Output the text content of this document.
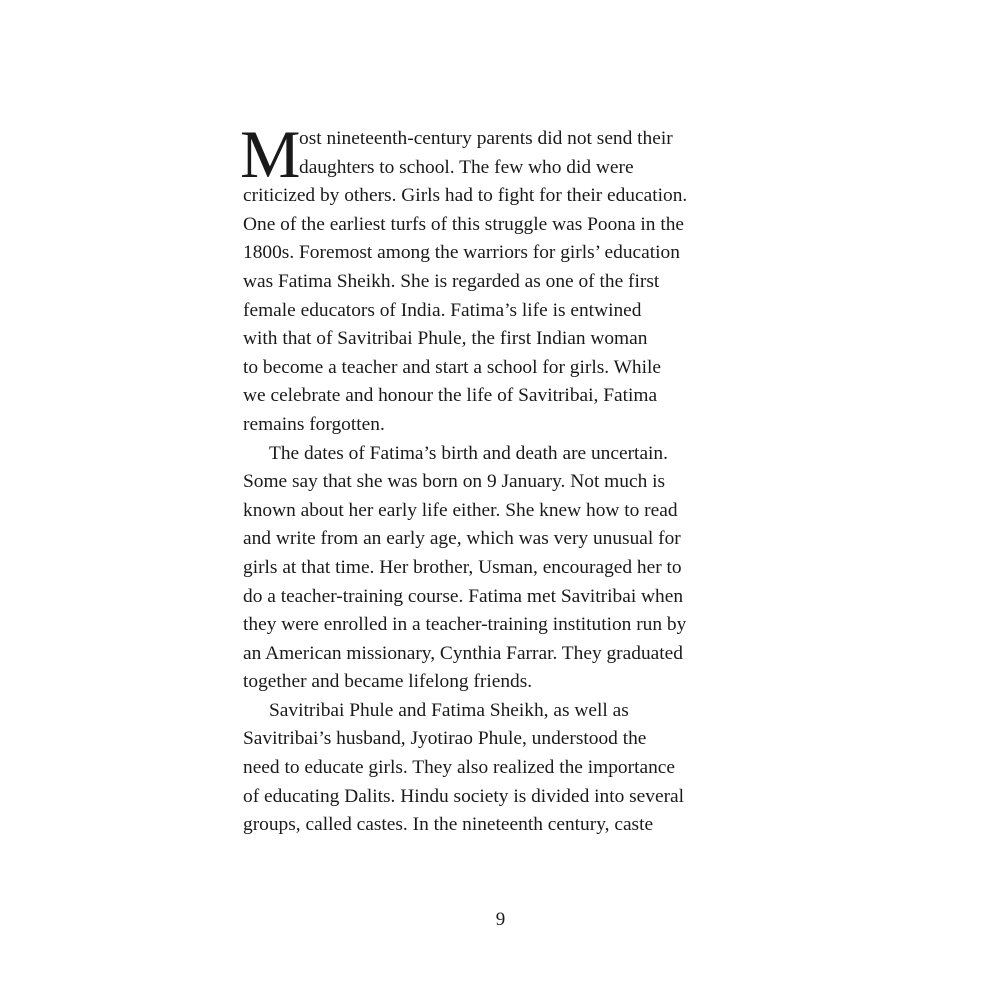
M
ost nineteenth-century parents did not send their
daughters to school. The few who did were
criticized by others. Girls had to fight for their education.
One of the earliest turfs of this struggle was Poona in the
1800s. Foremost among the warriors for girls’ education
was Fatima Sheikh. She is regarded as one of the first
female educators of India. Fatima’s life is entwined
with that of Savitribai Phule, the first Indian woman
to become a teacher and start a school for girls. While
we celebrate and honour the life of Savitribai, Fatima
remains forgotten.
The dates of Fatima’s birth and death are uncertain.
Some say that she was born on 9 January. Not much is
known about her early life either. She knew how to read
and write from an early age, which was very unusual for
girls at that time. Her brother, Usman, encouraged her to
do a teacher-training course. Fatima met Savitribai when
they were enrolled in a teacher-training institution run by
an American missionary, Cynthia Farrar. They graduated
together and became lifelong friends.
Savitribai Phule and Fatima Sheikh, as well as
Savitribai’s husband, Jyotirao Phule, understood the
need to educate girls. They also realized the importance
of educating Dalits. Hindu society is divided into several
groups, called castes. In the nineteenth century, caste
9
